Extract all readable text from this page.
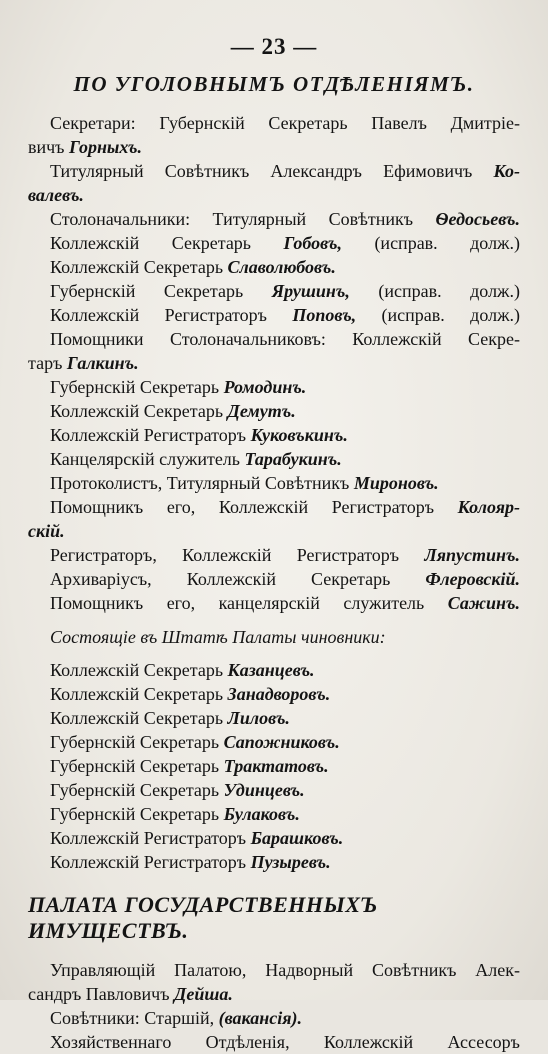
— 23 —
ПО УГОЛОВНЫМЪ ОТДѢЛЕНІЯМЪ.
Секретари: Губернскій Секретарь Павелъ Дмитріе-
вичъ Горныхъ.
Титулярный Совѣтникъ Александръ Ефимовичъ Ко-
валевъ.
Столоначальники: Титулярный Совѣтникъ Ѳедосьевъ.
Коллежскій Секретарь Гобовъ, (исправ. долж.)
Коллежскій Секретарь Славолюбовъ.
Губернскій Секретарь Ярушинъ, (исправ. долж.)
Коллежскій Регистраторъ Поповъ, (исправ. долж.)
Помощники Столоначальниковъ: Коллежскій Секре-
таръ Галкинъ.
Губернскій Секретарь Ромодинъ.
Коллежскій Секретарь Демутъ.
Коллежскій Регистраторъ Куковъкинъ.
Канцелярскій служитель Тарабукинъ.
Протоколистъ, Титулярный Совѣтникъ Мироновъ.
Помощникъ его, Коллежскій Регистраторъ Колояр-
скій.
Регистраторъ, Коллежскій Регистраторъ Ляпустинъ.
Архиваріусъ, Коллежскій Секретарь Флеровскій.
Помощникъ его, канцелярскій служитель Сажинъ.
Состоящіе въ Штатѣ Палаты чиновники:
Коллежскій Секретарь Казанцевъ.
Коллежскій Секретарь Занадворовъ.
Коллежскій Секретарь Лиловъ.
Губернскій Секретарь Сапожниковъ.
Губернскій Секретарь Трактатовъ.
Губернскій Секретарь Удинцевъ.
Губернскій Секретарь Булаковъ.
Коллежскій Регистраторъ Барашковъ.
Коллежскій Регистраторъ Пузыревъ.
ПАЛАТА ГОСУДАРСТВЕННЫХЪ ИМУЩЕСТВЪ.
Управляющій Палатою, Надворный Совѣтникъ Алек-
сандръ Павловичъ Дейша.
Совѣтники: Старшій, (вакансія).
Хозяйственнаго Отдѣленія, Коллежскій Ассесоръ
